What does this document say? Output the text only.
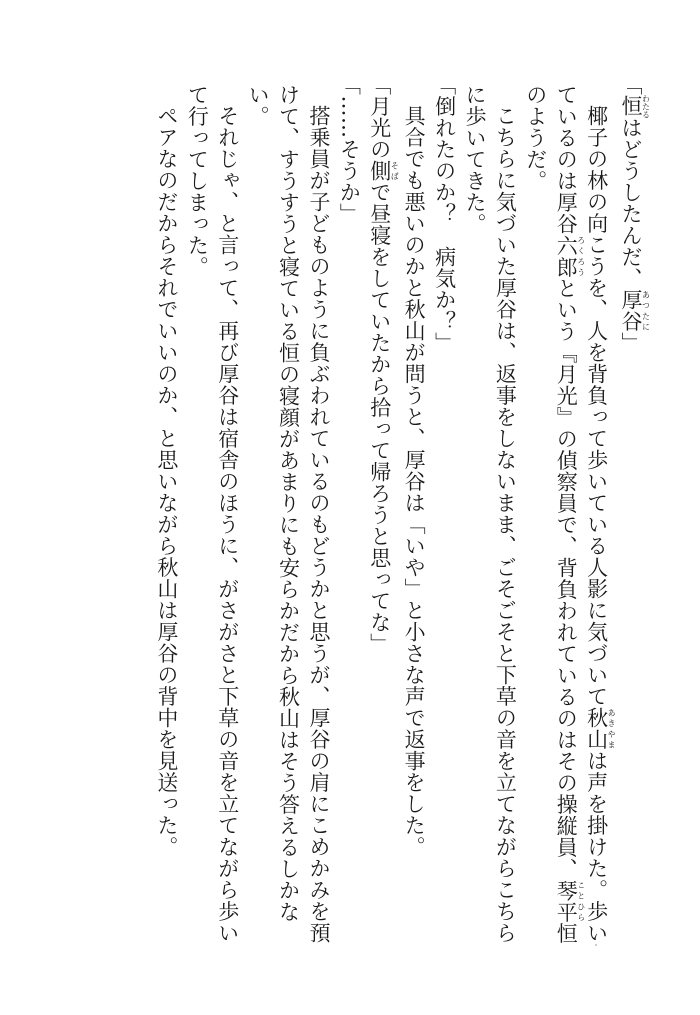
「恒わたるはどうしたんだ、厚谷あつたに」

椰子の林の向こうを、人を背負って歩いている人影に気づいて秋山あきやまは声を掛けた。歩いているのは厚谷六郎ろくろうという『月光』の偵察員で、背負われているのはその操縦員、琴平ことひら恒のようだ。

こちらに気づいた厚谷は、返事をしないまま、ごそごそと下草の音を立てながらこちらに歩いてきた。

「倒れたのか？　病気か？」

具合でも悪いのかと秋山が問うと、厚谷は「いや」と小さな声で返事をした。

「月光の側そばで昼寝をしていたから拾って帰ろうと思ってな」

「……そうか」

搭乗員が子どものように負ぶわれているのもどうかと思うが、厚谷の肩にこめかみを預けて、すうすうと寝ている恒の寝顔があまりにも安らかだから秋山はそう答えるしかない。

それじゃ、と言って、再び厚谷は宿舎のほうに、がさがさと下草の音を立てながら歩いて行ってしまった。

ペアなのだからそれでいいのか、と思いながら秋山は厚谷の背中を見送った。
